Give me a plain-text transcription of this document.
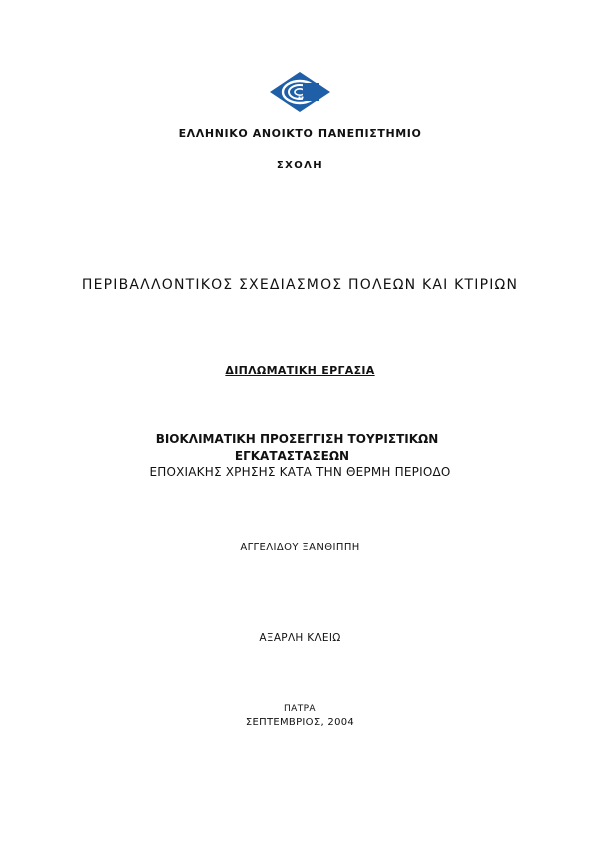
ΕΛΛΗΝΙΚΟ ΑΝΟΙΚΤΟ ΠΑΝΕΠΙΣΤΗΜΙΟ
ΣΧΟΛΗ
ΠΕΡΙΒΑΛΛΟΝΤΙΚΟΣ ΣΧΕΔΙΑΣΜΟΣ ΠΟΛΕΩΝ ΚΑΙ ΚΤΙΡΙΩΝ
ΔΙΠΛΩΜΑΤΙΚΗ ΕΡΓΑΣΙΑ
ΒΙΟΚΛΙΜΑΤΙΚΗ ΠΡΟΣΕΓΓΙΣΗ ΤΟΥΡΙΣΤΙΚΩΝ
ΕΓΚΑΤΑΣΤΑΣΕΩΝ
ΕΠΟΧΙΑΚΗΣ ΧΡΗΣΗΣ ΚΑΤΑ ΤΗΝ ΘΕΡΜΗ ΠΕΡΙΟΔΟ
ΑΓΓΕΛΙΔΟΥ ΞΑΝΘΙΠΠΗ
ΑΞΑΡΛΗ ΚΛΕΙΩ
ΠΑΤΡΑ
ΣΕΠΤΕΜΒΡΙΟΣ, 2004
